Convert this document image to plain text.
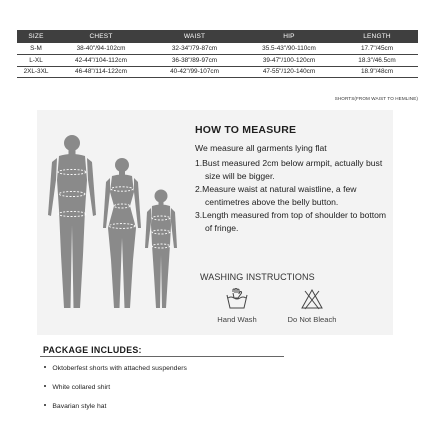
SIZE	CHEST	WAIST	HIP	LENGTH
S-M	38-40"/94-102cm	32-34"/79-87cm	35.5-43"/90-110cm	17.7"/45cm
L-XL	42-44"/104-112cm	36-38"/89-97cm	39-47"/100-120cm	18.3"/46.5cm
2XL-3XL	46-48"/114-122cm	40-42"/99-107cm	47-55"/120-140cm	18.9"/48cm
SHORTS(FROM WAIST TO HEMLINE)
HOW TO MEASURE
We measure all garments lying flat
1.Bust measured 2cm below armpit, actually bust size will be bigger.
2.Measure waist at natural waistline, a few centimetres above the belly button.
3.Length measured from top of shoulder to bottom of fringe.
WASHING INSTRUCTIONS
Hand Wash	Do Not Bleach
PACKAGE INCLUDES:
Oktoberfest shorts with attached suspenders
White collared shirt
Bavarian style hat
